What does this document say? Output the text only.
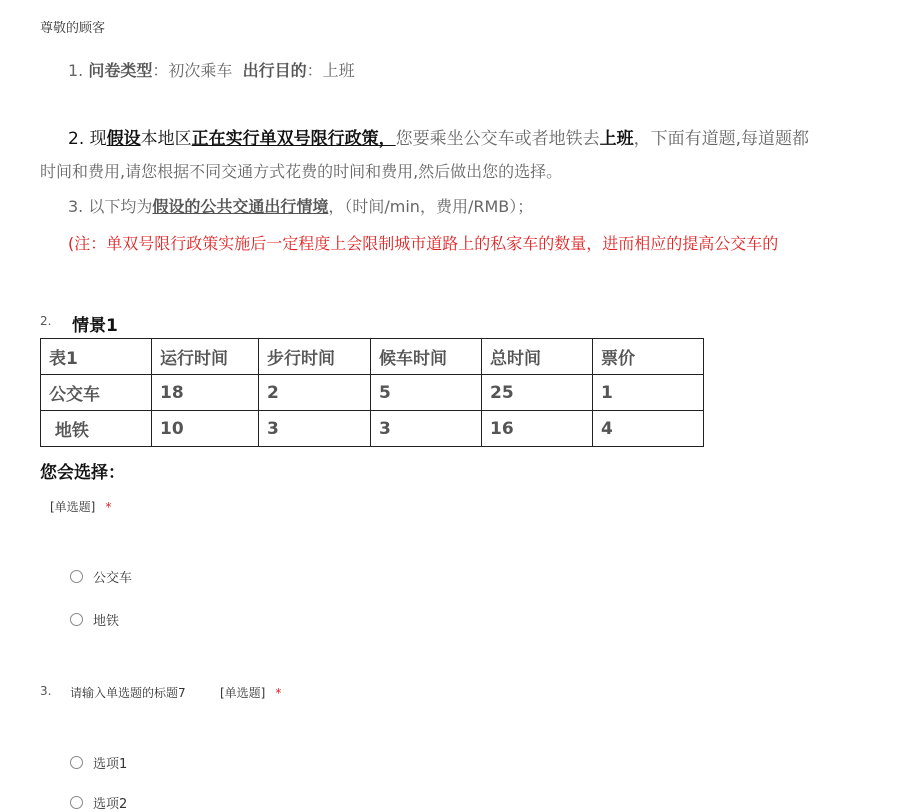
尊敬的顾客
1. 问卷类型：初次乘车 出行目的：上班
2. 现假设本地区正在实行单双号限行政策，您要乘坐公交车或者地铁去上班，下面有道题,每道题都
时间和费用,请您根据不同交通方式花费的时间和费用,然后做出您的选择。
3. 以下均为假设的公共交通出行情境，（时间/min，费用/RMB）；
(注：单双号限行政策实施后一定程度上会限制城市道路上的私家车的数量，进而相应的提高公交车的
2. 情景1
表1	运行时间	步行时间	候车时间	总时间	票价
公交车	18	2	5	25	1
地铁	10	3	3	16	4
您会选择：
[单选题] *
公交车
地铁
3. 请输入单选题的标题7	[单选题] *
选项1
选项2
